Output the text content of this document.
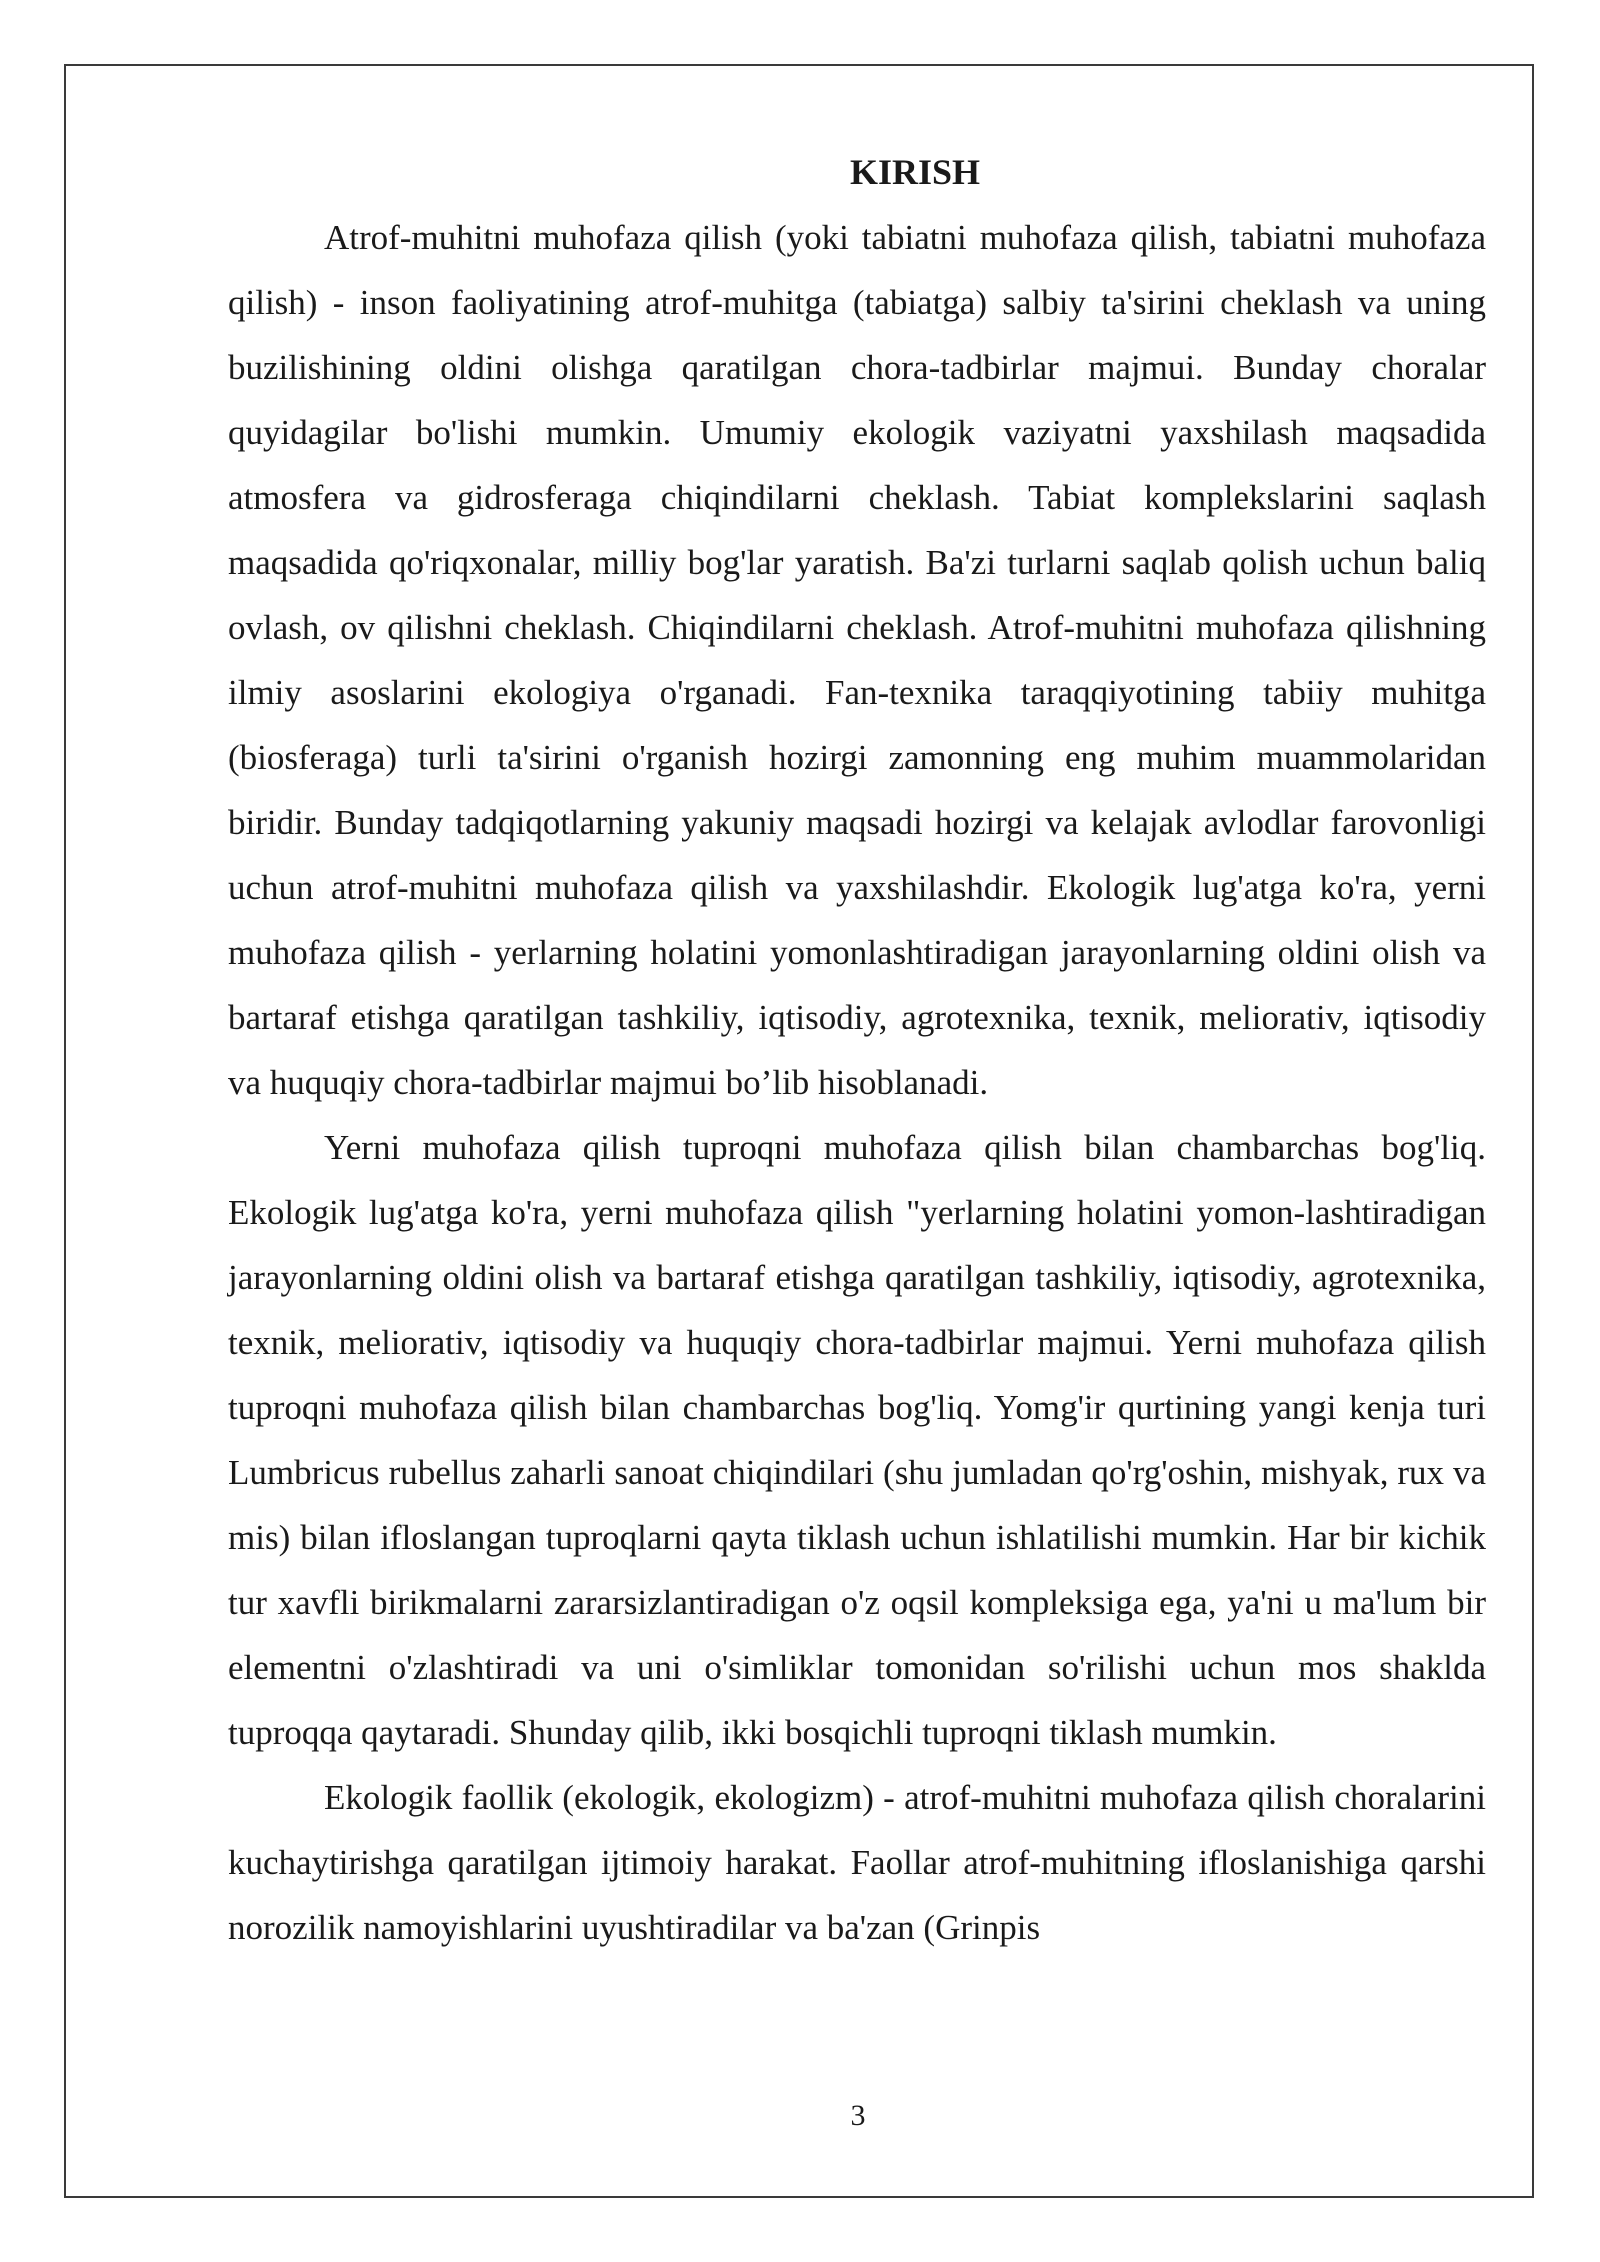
KIRISH

Atrof-muhitni muhofaza qilish (yoki tabiatni muhofaza qilish, tabiatni muhofaza qilish) - inson faoliyatining atrof-muhitga (tabiatga) salbiy ta'sirini cheklash va uning buzilishining oldini olishga qaratilgan chora-tadbirlar majmui. Bunday choralar quyidagilar bo'lishi mumkin. Umumiy ekologik vaziyatni yaxshilash maqsadida atmosfera va gidrosferaga chiqindilarni cheklash. Tabiat komplekslarini saqlash maqsadida qo'riqxonalar, milliy bog'lar yaratish. Ba'zi turlarni saqlab qolish uchun baliq ovlash, ov qilishni cheklash. Chiqindilarni cheklash. Atrof-muhitni muhofaza qilishning ilmiy asoslarini ekologiya o'rganadi. Fan-texnika taraqqiyotining tabiiy muhitga (biosferaga) turli ta'sirini o'rganish hozirgi zamonning eng muhim muammolaridan biridir. Bunday tadqiqotlarning yakuniy maqsadi hozirgi va kelajak avlodlar farovonligi uchun atrof-muhitni muhofaza qilish va yaxshilashdir. Ekologik lug'atga ko'ra, yerni muhofaza qilish - yerlarning holatini yomonlashtiradigan jarayonlarning oldini olish va bartaraf etishga qaratilgan tashkiliy, iqtisodiy, agrotexnika, texnik, meliorativ, iqtisodiy va huquqiy chora-tadbirlar majmui bo’lib hisoblanadi.

Yerni muhofaza qilish tuproqni muhofaza qilish bilan chambarchas bog'liq. Ekologik lug'atga ko'ra, yerni muhofaza qilish "yerlarning holatini yomon-lashtiradigan jarayonlarning oldini olish va bartaraf etishga qaratilgan tashkiliy, iqtisodiy, agrotexnika, texnik, meliorativ, iqtisodiy va huquqiy chora-tadbirlar majmui. Yerni muhofaza qilish tuproqni muhofaza qilish bilan chambarchas bog'liq. Yomg'ir qurtining yangi kenja turi Lumbricus rubellus zaharli sanoat chiqindilari (shu jumladan qo'rg'oshin, mishyak, rux va mis) bilan ifloslangan tuproqlarni qayta tiklash uchun ishlatilishi mumkin. Har bir kichik tur xavfli birikmalarni zararsizlantiradigan o'z oqsil kompleksiga ega, ya'ni u ma'lum bir elementni o'zlashtiradi va uni o'simliklar tomonidan so'rilishi uchun mos shaklda tuproqqa qaytaradi. Shunday qilib, ikki bosqichli tuproqni tiklash mumkin.

Ekologik faollik (ekologik, ekologizm) - atrof-muhitni muhofaza qilish choralarini kuchaytirishga qaratilgan ijtimoiy harakat. Faollar atrof-muhitning ifloslanishiga qarshi norozilik namoyishlarini uyushtiradilar va ba'zan (Grinpis

3
